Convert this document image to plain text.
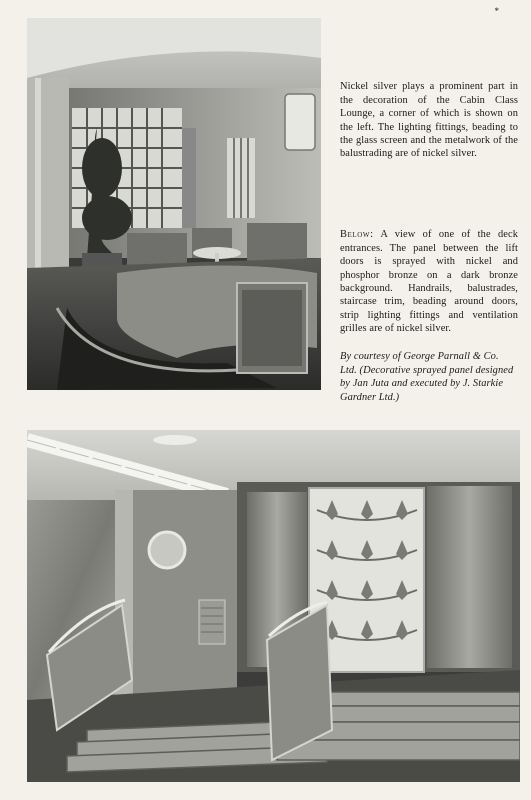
*

Nickel silver plays a prominent part in the decoration of the Cabin Class Lounge, a corner of which is shown on the left. The lighting fittings, beading to the glass screen and the metalwork of the balustrading are of nickel silver.

Below: A view of one of the deck entrances. The panel between the lift doors is sprayed with nickel and phosphor bronze on a dark bronze background. Handrails, balustrades, staircase trim, beading around doors, strip lighting fittings and ventilation grilles are of nickel silver.

By courtesy of George Parnall & Co. Ltd. (Decorative sprayed panel designed by Jan Juta and executed by J. Starkie Gardner Ltd.)
